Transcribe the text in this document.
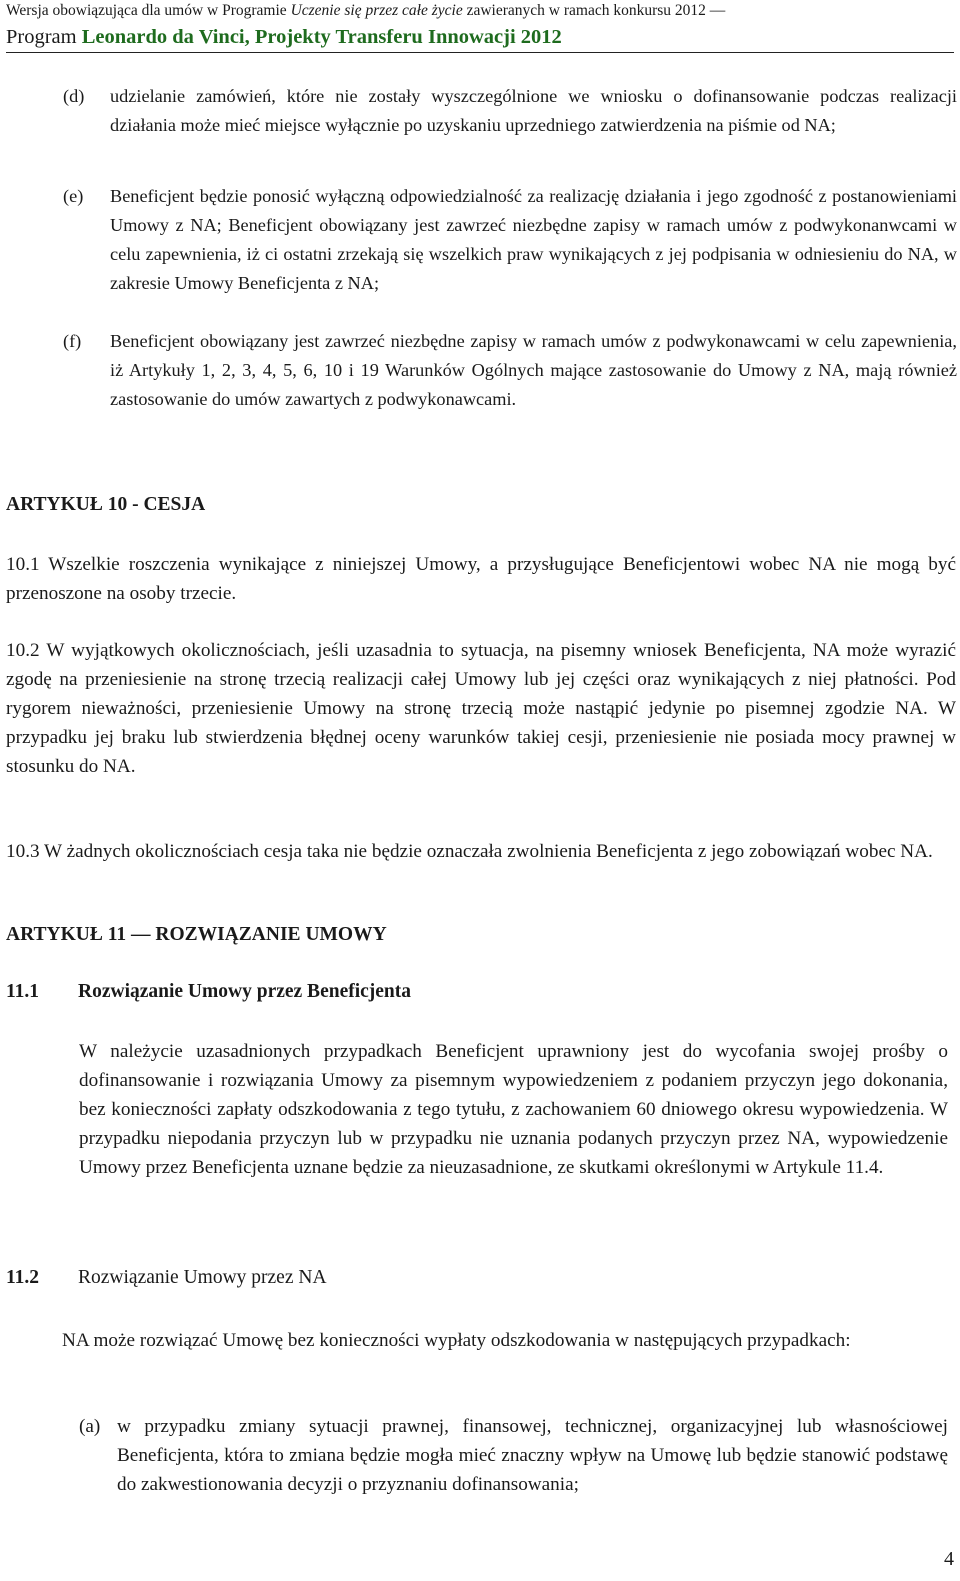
Wersja obowiązująca dla umów w Programie Uczenie się przez całe życie zawieranych w ramach konkursu 2012 —
Program Leonardo da Vinci, Projekty Transferu Innowacji 2012
(d) udzielanie zamówień, które nie zostały wyszczególnione we wniosku o dofinansowanie podczas realizacji działania może mieć miejsce wyłącznie po uzyskaniu uprzedniego zatwierdzenia na piśmie od NA;
(e) Beneficjent będzie ponosić wyłączną odpowiedzialność za realizację działania i jego zgodność z postanowieniami Umowy z NA; Beneficjent obowiązany jest zawrzeć niezbędne zapisy w ramach umów z podwykonanwcami w celu zapewnienia, iż ci ostatni zrzekają się wszelkich praw wynikających z jej podpisania w odniesieniu do NA, w zakresie Umowy Beneficjenta z NA;
(f) Beneficjent obowiązany jest zawrzeć niezbędne zapisy w ramach umów z podwykonawcami w celu zapewnienia, iż Artykuły 1, 2, 3, 4, 5, 6, 10 i 19 Warunków Ogólnych mające zastosowanie do Umowy z NA, mają również zastosowanie do umów zawartych z podwykonawcami.
ARTYKUŁ 10 - CESJA
10.1 Wszelkie roszczenia wynikające z niniejszej Umowy, a przysługujące Beneficjentowi wobec NA nie mogą być przenoszone na osoby trzecie.
10.2 W wyjątkowych okolicznościach, jeśli uzasadnia to sytuacja, na pisemny wniosek Beneficjenta, NA może wyrazić zgodę na przeniesienie na stronę trzecią realizacji całej Umowy lub jej części oraz wynikających z niej płatności. Pod rygorem nieważności, przeniesienie Umowy na stronę trzecią może nastąpić jedynie po pisemnej zgodzie NA. W przypadku jej braku lub stwierdzenia błędnej oceny warunków takiej cesji, przeniesienie nie posiada mocy prawnej w stosunku do NA.
10.3 W żadnych okolicznościach cesja taka nie będzie oznaczała zwolnienia Beneficjenta z jego zobowiązań wobec NA.
ARTYKUŁ 11 — ROZWIĄZANIE UMOWY
11.1 Rozwiązanie Umowy przez Beneficjenta
W należycie uzasadnionych przypadkach Beneficjent uprawniony jest do wycofania swojej prośby o dofinansowanie i rozwiązania Umowy za pisemnym wypowiedzeniem z podaniem przyczyn jego dokonania, bez konieczności zapłaty odszkodowania z tego tytułu, z zachowaniem 60 dniowego okresu wypowiedzenia. W przypadku niepodania przyczyn lub w przypadku nie uznania podanych przyczyn przez NA, wypowiedzenie Umowy przez Beneficjenta uznane będzie za nieuzasadnione, ze skutkami określonymi w Artykule 11.4.
11.2 Rozwiązanie Umowy przez NA
NA może rozwiązać Umowę bez konieczności wypłaty odszkodowania w następujących przypadkach:
(a) w przypadku zmiany sytuacji prawnej, finansowej, technicznej, organizacyjnej lub własnościowej Beneficjenta, która to zmiana będzie mogła mieć znaczny wpływ na Umowę lub będzie stanowić podstawę do zakwestionowania decyzji o przyznaniu dofinansowania;
4
